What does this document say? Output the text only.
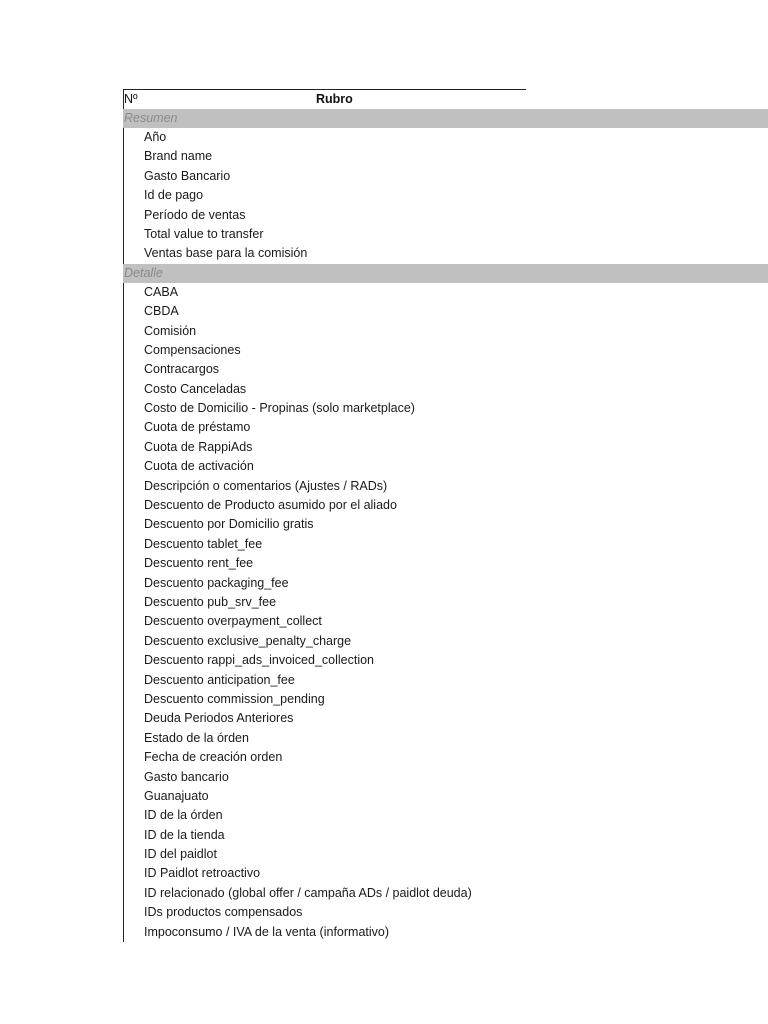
Nº	Rubro
Resumen
Año
Brand name
Gasto Bancario
Id de pago
Período de ventas
Total value to transfer
Ventas base para la comisión
Detalle
CABA
CBDA
Comisión
Compensaciones
Contracargos
Costo Canceladas
Costo de Domicilio - Propinas (solo marketplace)
Cuota de préstamo
Cuota de RappiAds
Cuota de activación
Descripción o comentarios (Ajustes / RADs)
Descuento de Producto asumido por el aliado
Descuento por Domicilio gratis
Descuento tablet_fee
Descuento rent_fee
Descuento packaging_fee
Descuento pub_srv_fee
Descuento overpayment_collect
Descuento exclusive_penalty_charge
Descuento rappi_ads_invoiced_collection
Descuento anticipation_fee
Descuento commission_pending
Deuda Periodos Anteriores
Estado de la órden
Fecha de creación orden
Gasto bancario
Guanajuato
ID de la órden
ID de la tienda
ID del paidlot
ID Paidlot retroactivo
ID relacionado (global offer / campaña ADs / paidlot deuda)
IDs productos compensados
Impoconsumo / IVA de la venta (informativo)
